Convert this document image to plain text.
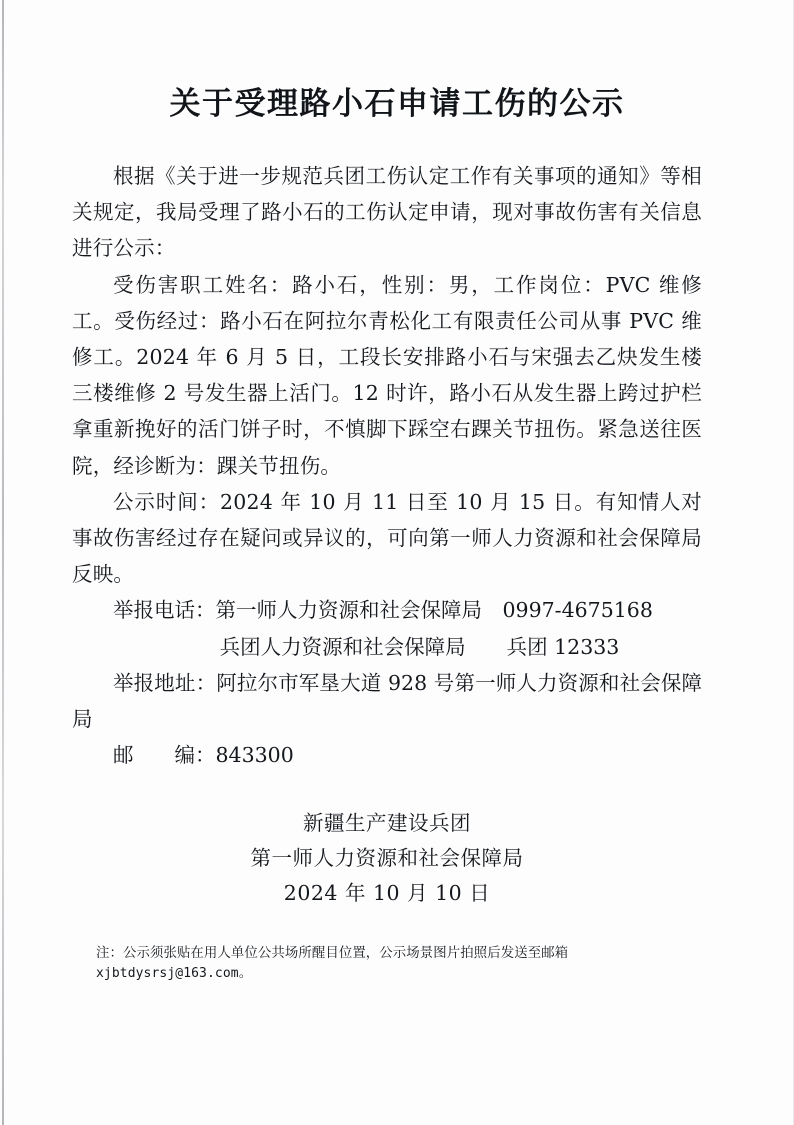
关于受理路小石申请工伤的公示

根据《关于进一步规范兵团工伤认定工作有关事项的通知》等相关规定，我局受理了路小石的工伤认定申请，现对事故伤害有关信息进行公示：

受伤害职工姓名：路小石，性别：男，工作岗位：PVC 维修工。受伤经过：路小石在阿拉尔青松化工有限责任公司从事 PVC 维修工。2024 年 6 月 5 日，工段长安排路小石与宋强去乙炔发生楼三楼维修 2 号发生器上活门。12 时许，路小石从发生器上跨过护栏拿重新挽好的活门饼子时，不慎脚下踩空右踝关节扭伤。紧急送往医院，经诊断为：踝关节扭伤。

公示时间：2024 年 10 月 11 日至 10 月 15 日。有知情人对事故伤害经过存在疑问或异议的，可向第一师人力资源和社会保障局反映。

举报电话：第一师人力资源和社会保障局　 0997-4675168
兵团人力资源和社会保障局　　 兵团 12333

举报地址：阿拉尔市军垦大道 928 号第一师人力资源和社会保障局

邮　　编：843300
新疆生产建设兵团
第一师人力资源和社会保障局
2024 年 10 月 10 日
注：公示须张贴在用人单位公共场所醒目位置，公示场景图片拍照后发送至邮箱 xjbtdysrsj@163.com。
